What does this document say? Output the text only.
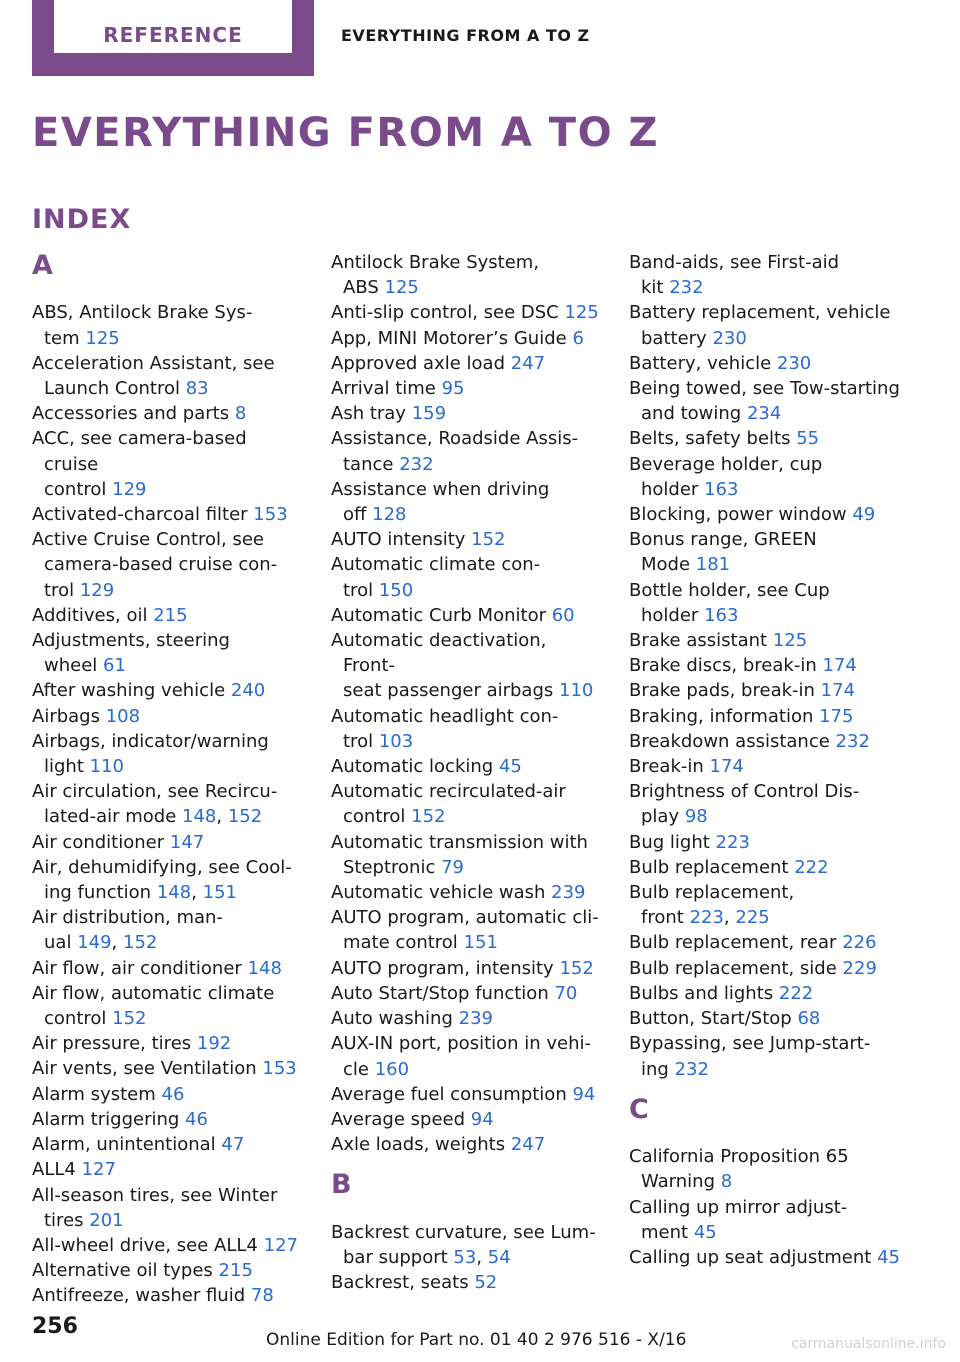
REFERENCE	EVERYTHING FROM A TO Z
EVERYTHING FROM A TO Z
INDEX
A
ABS, Antilock Brake Sys-
tem 125
Acceleration Assistant, see
Launch Control 83
Accessories and parts 8
ACC, see camera-based cruise
control 129
Activated-charcoal filter 153
Active Cruise Control, see
camera-based cruise con-
trol 129
Additives, oil 215
Adjustments, steering
wheel 61
After washing vehicle 240
Airbags 108
Airbags, indicator/warning
light 110
Air circulation, see Recircu-
lated-air mode 148, 152
Air conditioner 147
Air, dehumidifying, see Cool-
ing function 148, 151
Air distribution, man-
ual 149, 152
Air flow, air conditioner 148
Air flow, automatic climate
control 152
Air pressure, tires 192
Air vents, see Ventilation 153
Alarm system 46
Alarm triggering 46
Alarm, unintentional 47
ALL4 127
All-season tires, see Winter
tires 201
All-wheel drive, see ALL4 127
Alternative oil types 215
Antifreeze, washer fluid 78
Antilock Brake System,
ABS 125
Anti-slip control, see DSC 125
App, MINI Motorer’s Guide 6
Approved axle load 247
Arrival time 95
Ash tray 159
Assistance, Roadside Assis-
tance 232
Assistance when driving
off 128
AUTO intensity 152
Automatic climate con-
trol 150
Automatic Curb Monitor 60
Automatic deactivation, Front-
seat passenger airbags 110
Automatic headlight con-
trol 103
Automatic locking 45
Automatic recirculated-air
control 152
Automatic transmission with
Steptronic 79
Automatic vehicle wash 239
AUTO program, automatic cli-
mate control 151
AUTO program, intensity 152
Auto Start/Stop function 70
Auto washing 239
AUX-IN port, position in vehi-
cle 160
Average fuel consumption 94
Average speed 94
Axle loads, weights 247
B
Backrest curvature, see Lum-
bar support 53, 54
Backrest, seats 52
Band-aids, see First-aid
kit 232
Battery replacement, vehicle
battery 230
Battery, vehicle 230
Being towed, see Tow-starting
and towing 234
Belts, safety belts 55
Beverage holder, cup
holder 163
Blocking, power window 49
Bonus range, GREEN
Mode 181
Bottle holder, see Cup
holder 163
Brake assistant 125
Brake discs, break-in 174
Brake pads, break-in 174
Braking, information 175
Breakdown assistance 232
Break-in 174
Brightness of Control Dis-
play 98
Bug light 223
Bulb replacement 222
Bulb replacement,
front 223, 225
Bulb replacement, rear 226
Bulb replacement, side 229
Bulbs and lights 222
Button, Start/Stop 68
Bypassing, see Jump-start-
ing 232
C
California Proposition 65
Warning 8
Calling up mirror adjust-
ment 45
Calling up seat adjustment 45
256
Online Edition for Part no. 01 40 2 976 516 - X/16	carmanualsonline.info
